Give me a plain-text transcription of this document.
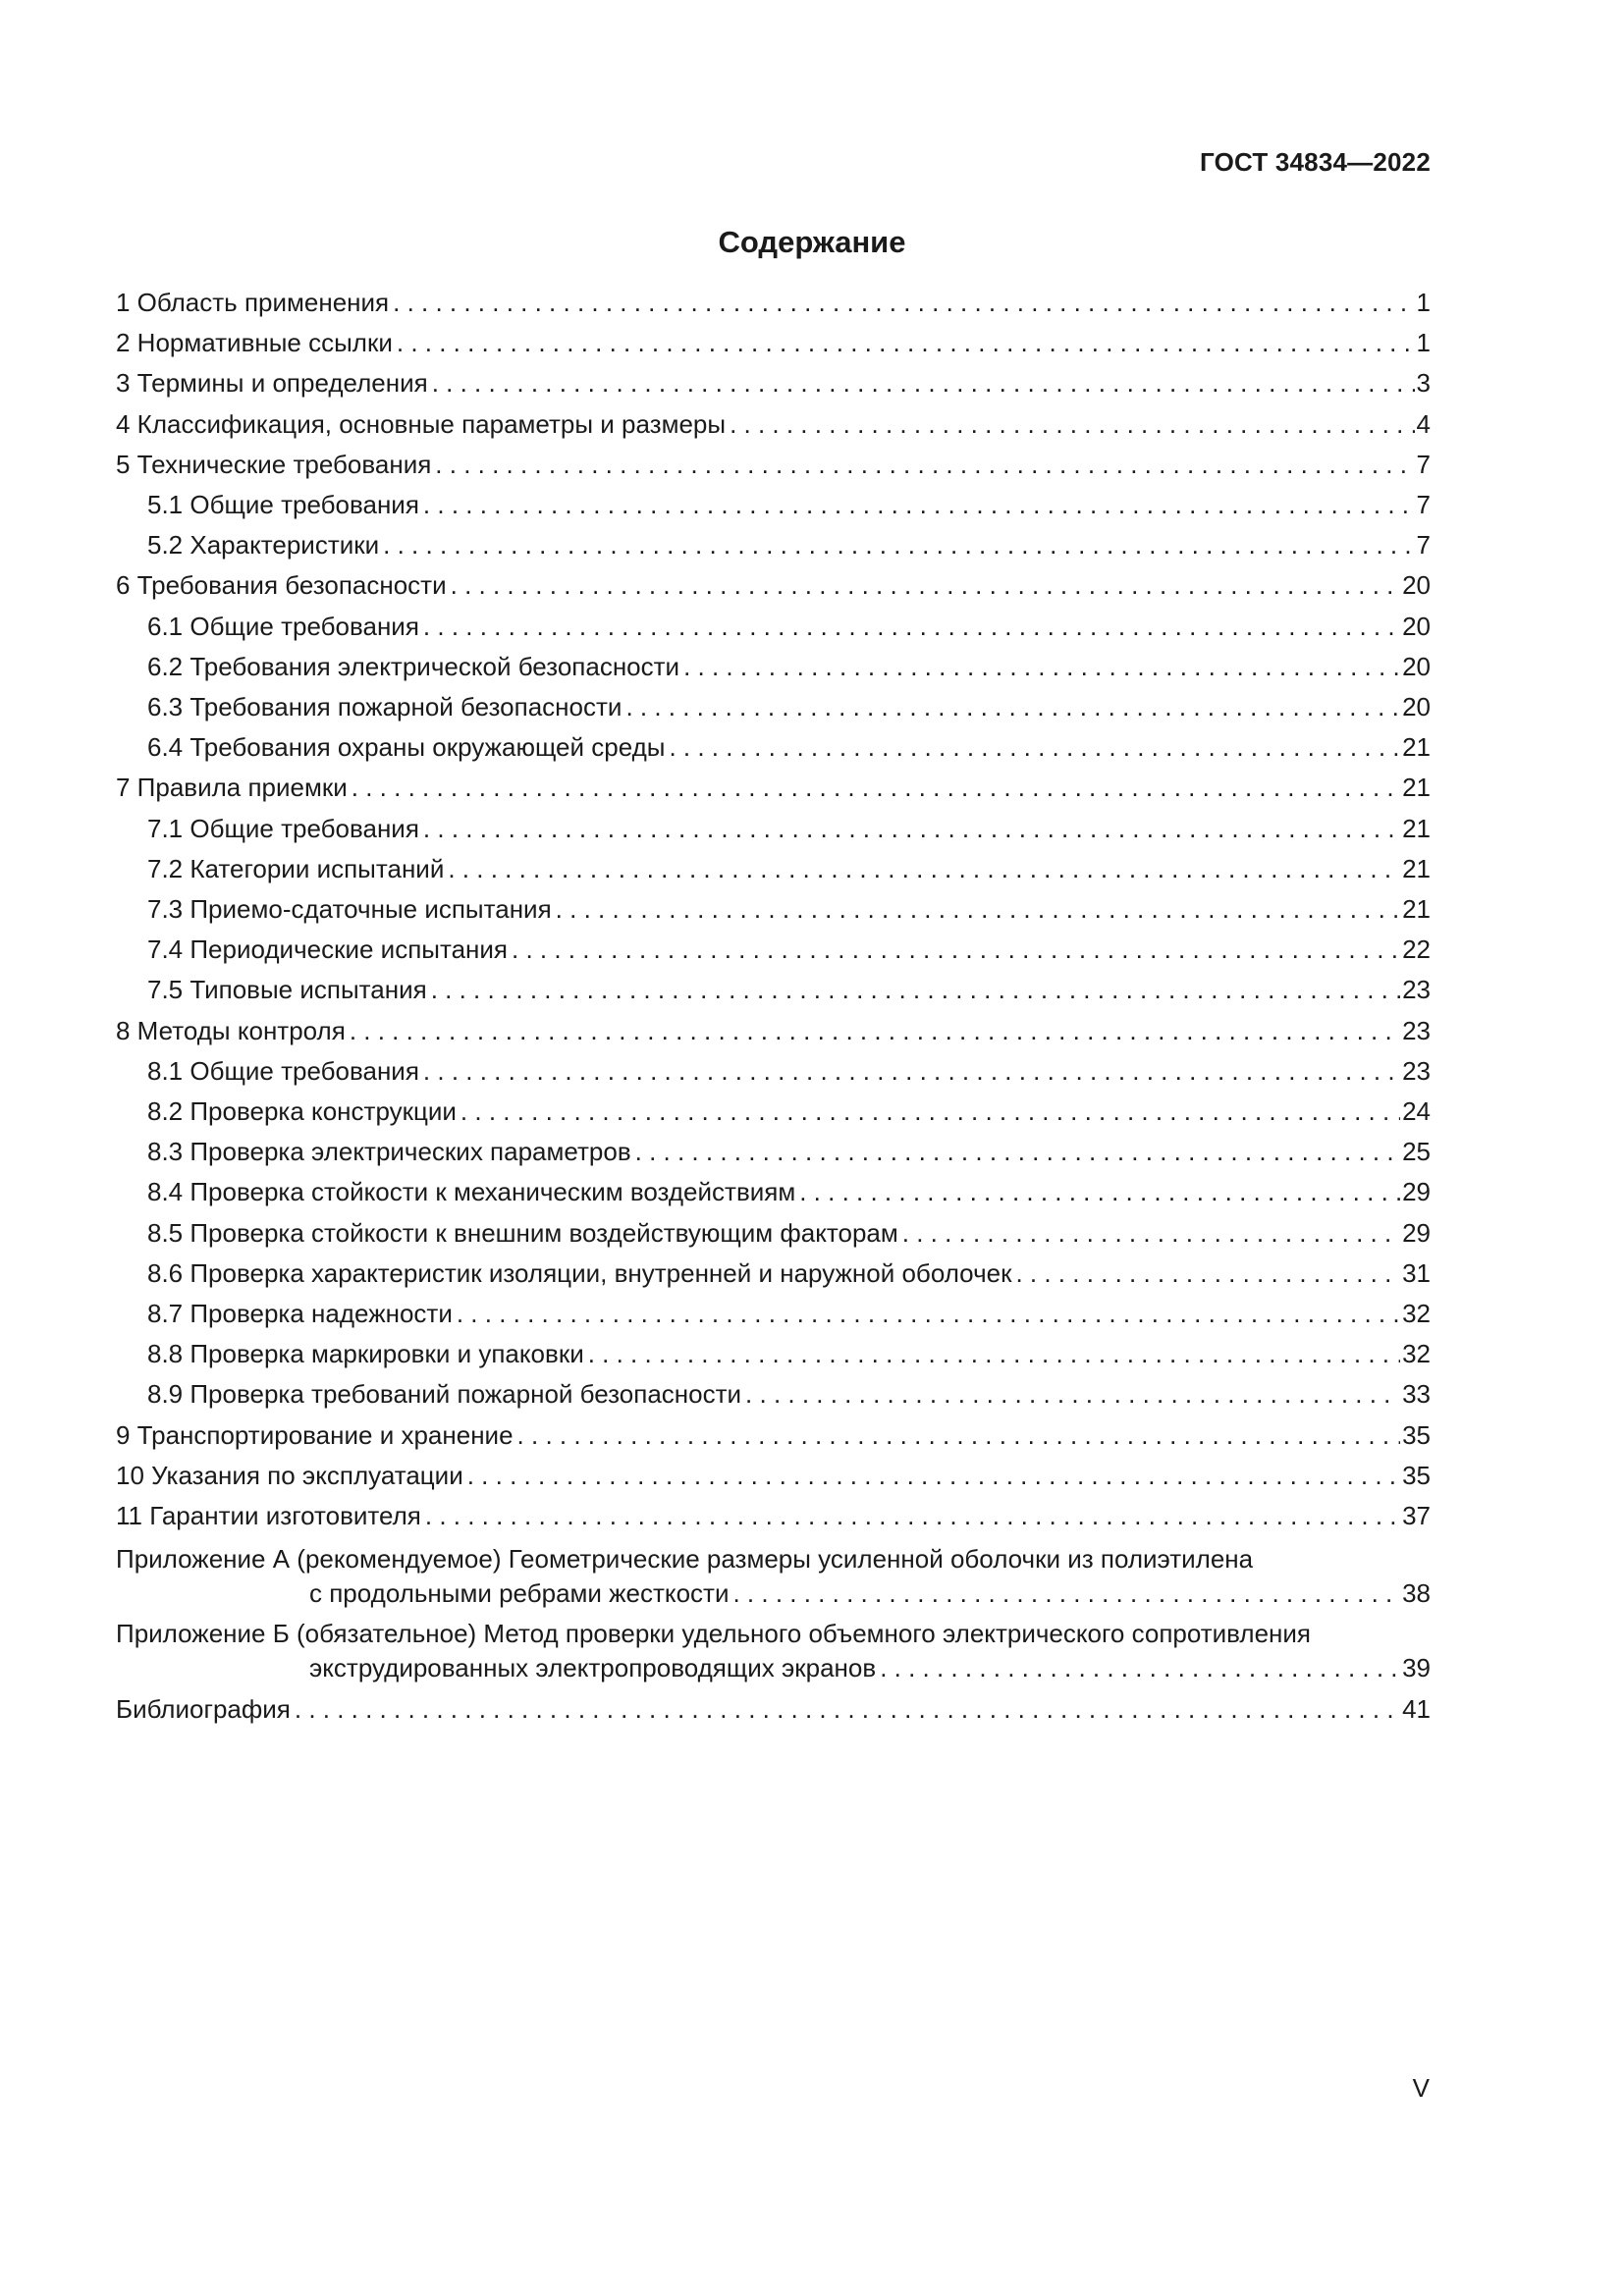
ГОСТ 34834—2022
Содержание
1 Область применения . . .	1
2 Нормативные ссылки . . .	1
3 Термины и определения . . .	3
4 Классификация, основные параметры и размеры . . .	4
5 Технические требования . . .	7
5.1 Общие требования . . .	7
5.2 Характеристики . . .	7
6 Требования безопасности . . .	20
6.1 Общие требования . . .	20
6.2 Требования электрической безопасности . . .	20
6.3 Требования пожарной безопасности . . .	20
6.4 Требования охраны окружающей среды . . .	21
7 Правила приемки . . .	21
7.1 Общие требования . . .	21
7.2 Категории испытаний . . .	21
7.3 Приемо-сдаточные испытания . . .	21
7.4 Периодические испытания . . .	22
7.5 Типовые испытания . . .	23
8 Методы контроля . . .	23
8.1 Общие требования . . .	23
8.2 Проверка конструкции . . .	24
8.3 Проверка электрических параметров . . .	25
8.4 Проверка стойкости к механическим воздействиям . . .	29
8.5 Проверка стойкости к внешним воздействующим факторам . . .	29
8.6 Проверка характеристик изоляции, внутренней и наружной оболочек . . .	31
8.7 Проверка надежности . . .	32
8.8 Проверка маркировки и упаковки . . .	32
8.9 Проверка требований пожарной безопасности . . .	33
9 Транспортирование и хранение . . .	35
10 Указания по эксплуатации . . .	35
11 Гарантии изготовителя . . .	37
Приложение А (рекомендуемое) Геометрические размеры усиленной оболочки из полиэтилена
с продольными ребрами жесткости . . .	38
Приложение Б (обязательное) Метод проверки удельного объемного электрического сопротивления
экструдированных электропроводящих экранов . . .	39
Библиография . . .	41
V
